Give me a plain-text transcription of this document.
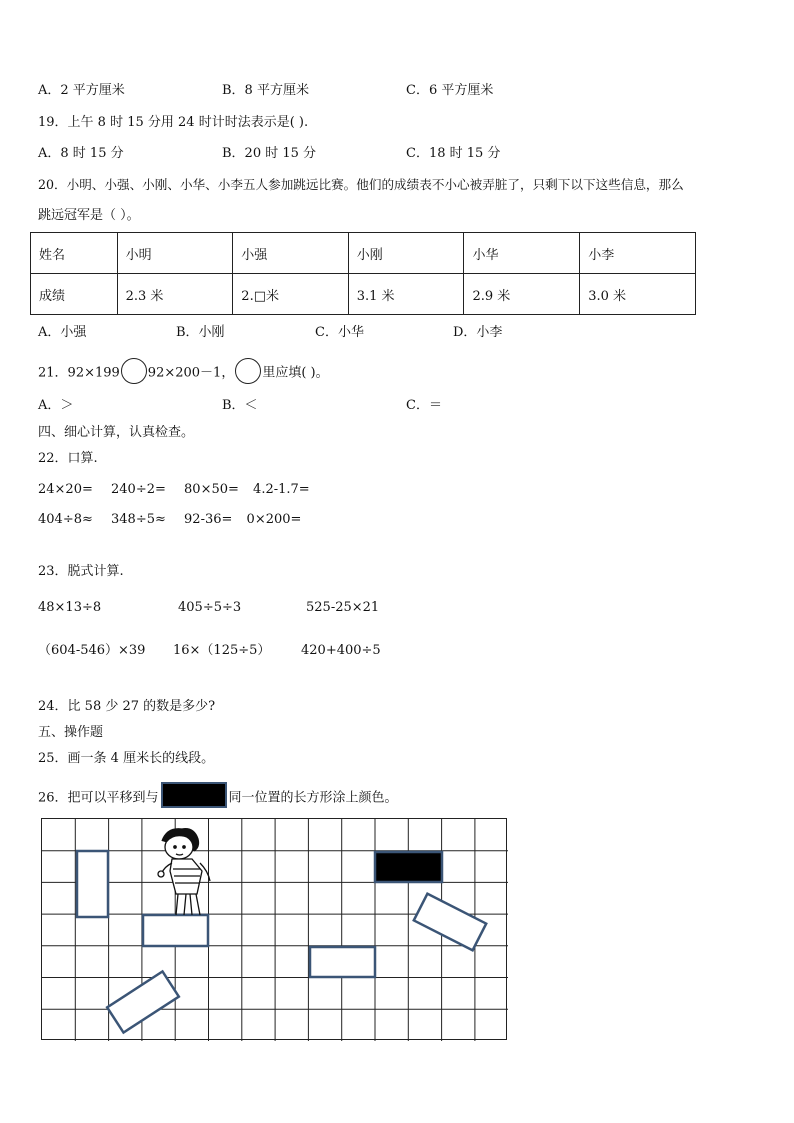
A．2 平方厘米	B．8 平方厘米	C．6 平方厘米
19．上午 8 时 15 分用 24 时计时法表示是( ).
A．8 时 15 分	B．20 时 15 分	C．18 时 15 分
20．小明、小强、小刚、小华、小李五人参加跳远比赛。他们的成绩表不小心被弄脏了，只剩下以下这些信息，那么
跳远冠军是（ ）。
姓名	小明	小强	小刚	小华	小李
成绩	2.3 米	2.□米	3.1 米	2.9 米	3.0 米
A．小强	B．小刚	C．小华	D．小李
21．92×199 92×200－1， 里应填( )。
A．＞	B．＜	C．＝
四、细心计算，认真检查。
22．口算.
24×20= 240÷2= 80×50= 4.2-1.7=
404÷8≈ 348÷5≈ 92-36= 0×200=
23．脱式计算.
48×13÷8	405÷5÷3	525-25×21
（604-546）×39 16×（125÷5） 420+400÷5
24．比 58 少 27 的数是多少?
五、操作题
25．画一条 4 厘米长的线段。
26．把可以平移到与	同一位置的长方形涂上颜色。
